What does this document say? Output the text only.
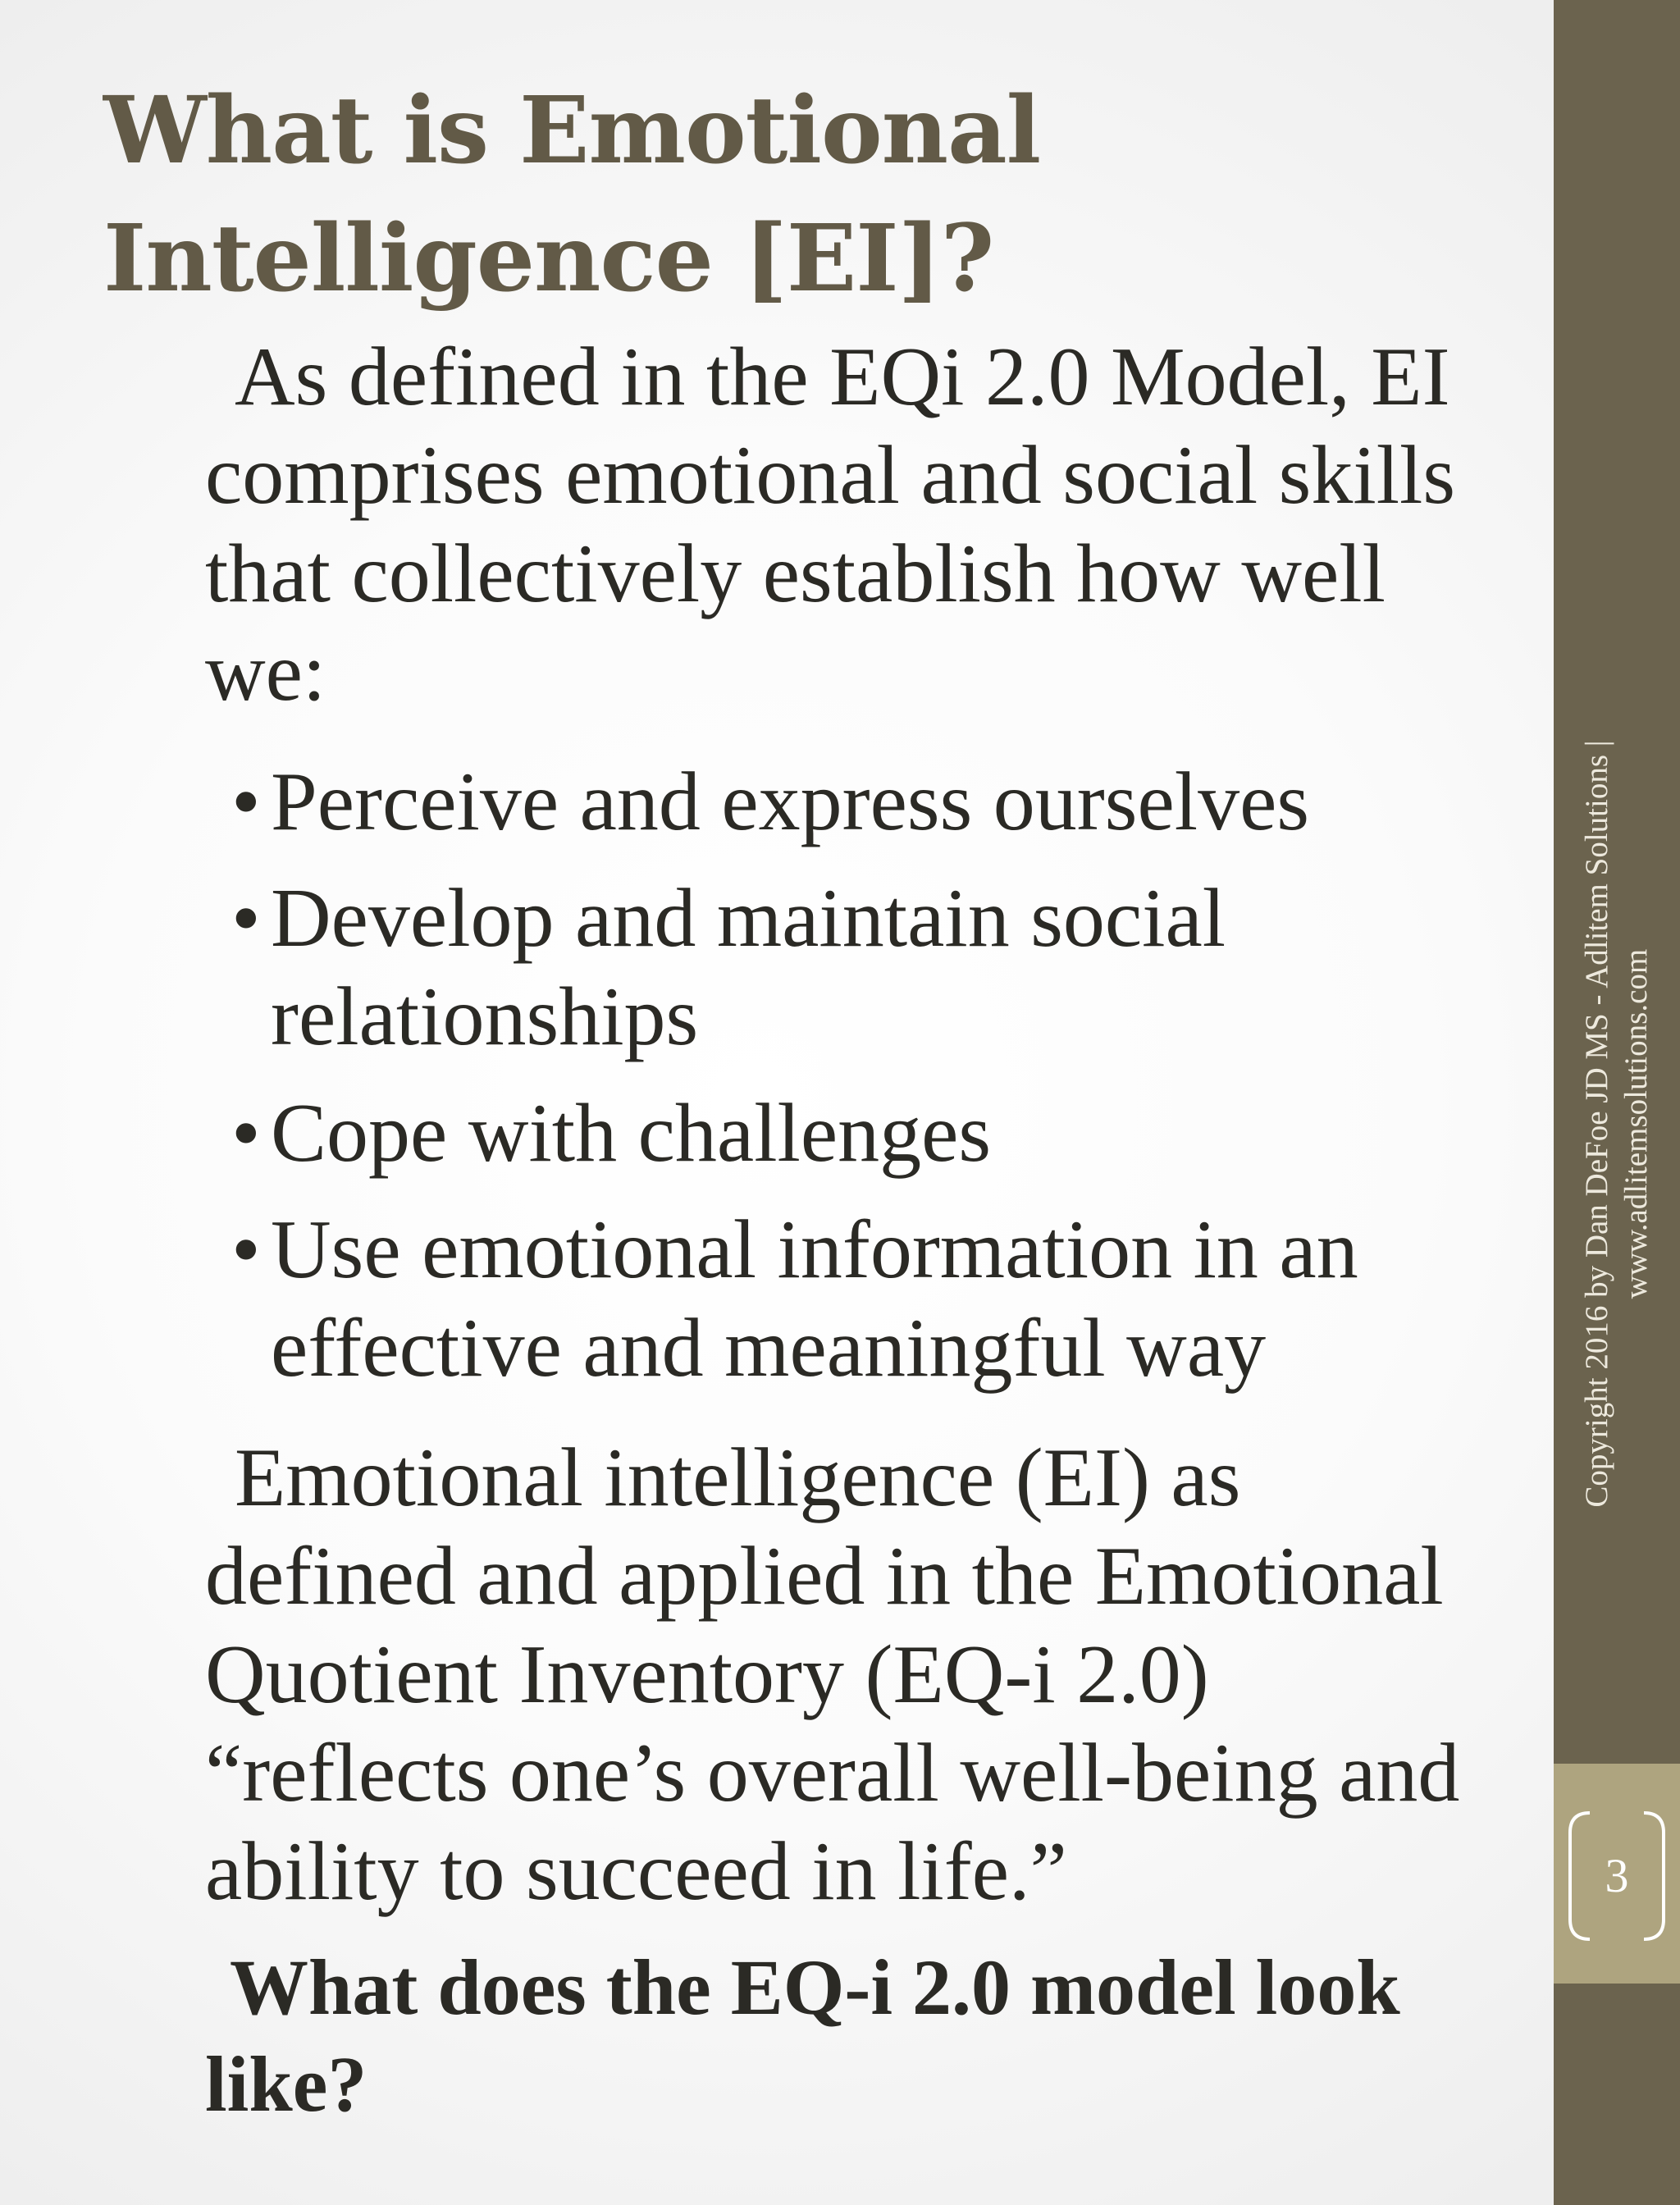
What is Emotional
Intelligence [EI]?

As defined in the EQi 2.0 Model, EI comprises emotional and social skills that collectively establish how well we:

• Perceive and express ourselves
• Develop and maintain social relationships
• Cope with challenges
• Use emotional information in an effective and meaningful way

Emotional intelligence (EI) as defined and applied in the Emotional Quotient Inventory (EQ-i 2.0) “reflects one’s overall well-being and ability to succeed in life.”

What does the EQ-i 2.0 model look like?

Copyright 2016 by Dan DeFoe JD MS - Adlitem Solutions | www.adlitemsolutions.com
3
